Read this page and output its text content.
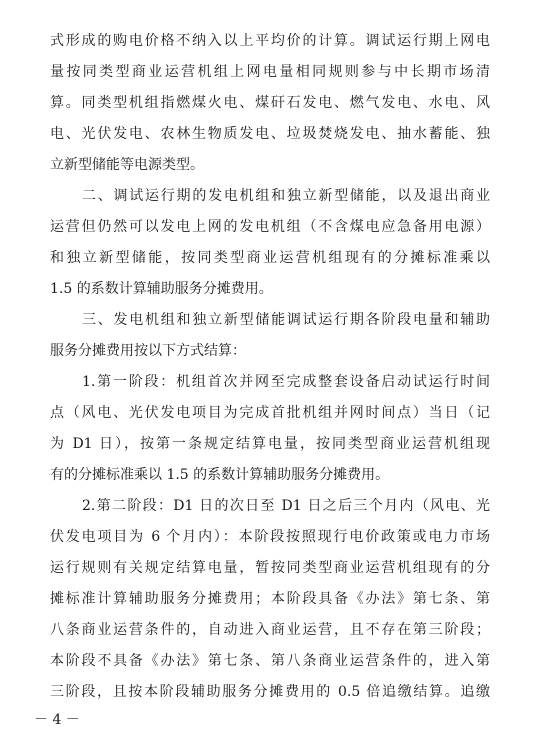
式形成的购电价格不纳入以上平均价的计算。调试运行期上网电
量按同类型商业运营机组上网电量相同规则参与中长期市场清
算。同类型机组指燃煤火电、煤矸石发电、燃气发电、水电、风
电、光伏发电、农林生物质发电、垃圾焚烧发电、抽水蓄能、独
立新型储能等电源类型。
二、调试运行期的发电机组和独立新型储能，以及退出商业
运营但仍然可以发电上网的发电机组（不含煤电应急备用电源）
和独立新型储能，按同类型商业运营机组现有的分摊标准乘以
1.5 的系数计算辅助服务分摊费用。
三、发电机组和独立新型储能调试运行期各阶段电量和辅助
服务分摊费用按以下方式结算：
1.第一阶段：机组首次并网至完成整套设备启动试运行时间
点（风电、光伏发电项目为完成首批机组并网时间点）当日（记
为 D1 日），按第一条规定结算电量，按同类型商业运营机组现
有的分摊标准乘以 1.5 的系数计算辅助服务分摊费用。
2.第二阶段：D1 日的次日至 D1 日之后三个月内（风电、光
伏发电项目为 6 个月内）：本阶段按照现行电价政策或电力市场
运行规则有关规定结算电量，暂按同类型商业运营机组现有的分
摊标准计算辅助服务分摊费用；本阶段具备《办法》第七条、第
八条商业运营条件的，自动进入商业运营，且不存在第三阶段；
本阶段不具备《办法》第七条、第八条商业运营条件的，进入第
三阶段，且按本阶段辅助服务分摊费用的 0.5 倍追缴结算。追缴
－ 4 －
